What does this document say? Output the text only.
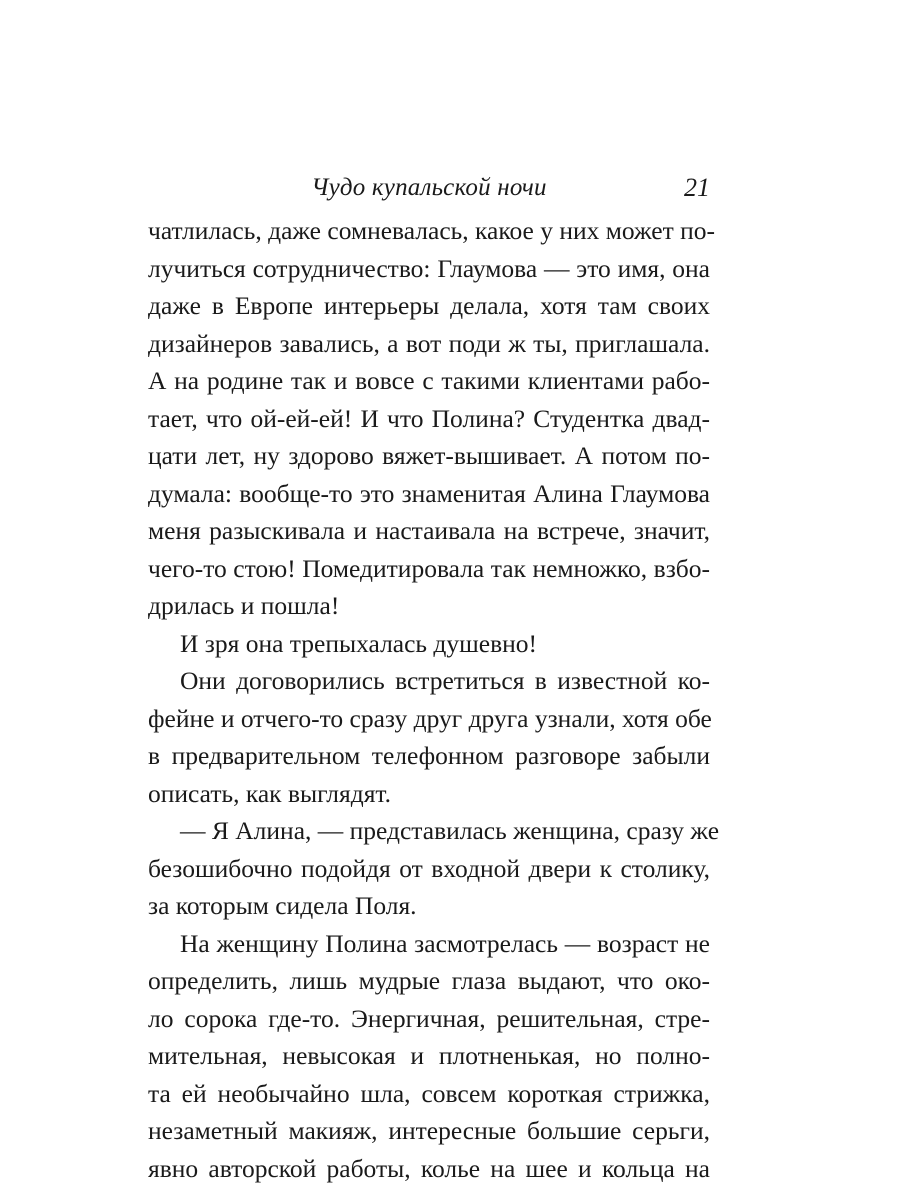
Чудо купальской ночи	21
чатлилась, даже сомневалась, какое у них может по-
лучиться сотрудничество: Глаумова — это имя, она
даже в Европе интерьеры делала, хотя там своих
дизайнеров завались, а вот поди ж ты, приглашала.
А на родине так и вовсе с такими клиентами рабо-
тает, что ой-ей-ей! И что Полина? Студентка двад-
цати лет, ну здорово вяжет-вышивает. А потом по-
думала: вообще-то это знаменитая Алина Глаумова
меня разыскивала и настаивала на встрече, значит,
чего-то стою! Помедитировала так немножко, взбо-
дрилась и пошла!
И зря она трепыхалась душевно!
Они договорились встретиться в известной ко-
фейне и отчего-то сразу друг друга узнали, хотя обе
в предварительном телефонном разговоре забыли
описать, как выглядят.
— Я Алина, — представилась женщина, сразу же
безошибочно подойдя от входной двери к столику,
за которым сидела Поля.
На женщину Полина засмотрелась — возраст не
определить, лишь мудрые глаза выдают, что око-
ло сорока где-то. Энергичная, решительная, стре-
мительная, невысокая и плотненькая, но полно-
та ей необычайно шла, совсем короткая стрижка,
незаметный макияж, интересные большие серьги,
явно авторской работы, колье на шее и кольца на
